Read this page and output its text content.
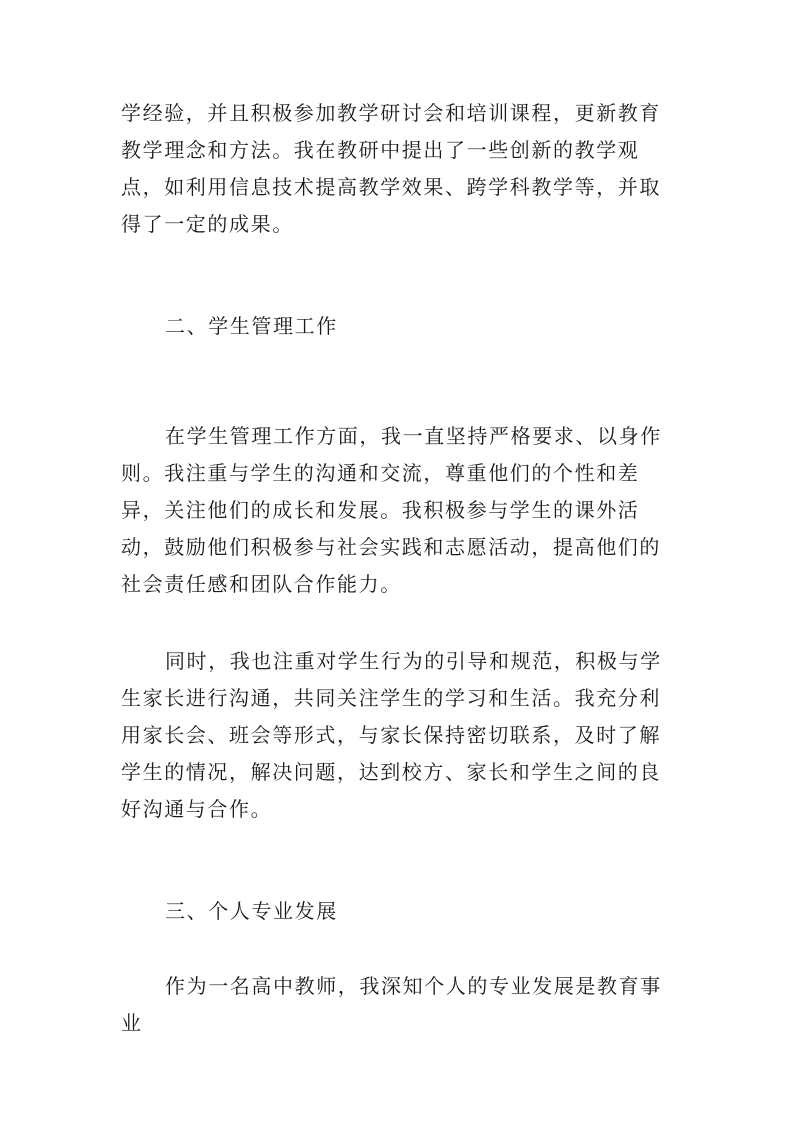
学经验，并且积极参加教学研讨会和培训课程，更新教育教学理念和方法。我在教研中提出了一些创新的教学观点，如利用信息技术提高教学效果、跨学科教学等，并取得了一定的成果。

二、学生管理工作

在学生管理工作方面，我一直坚持严格要求、以身作则。我注重与学生的沟通和交流，尊重他们的个性和差异，关注他们的成长和发展。我积极参与学生的课外活动，鼓励他们积极参与社会实践和志愿活动，提高他们的社会责任感和团队合作能力。

同时，我也注重对学生行为的引导和规范，积极与学生家长进行沟通，共同关注学生的学习和生活。我充分利用家长会、班会等形式，与家长保持密切联系，及时了解学生的情况，解决问题，达到校方、家长和学生之间的良好沟通与合作。

三、个人专业发展

作为一名高中教师，我深知个人的专业发展是教育事业
